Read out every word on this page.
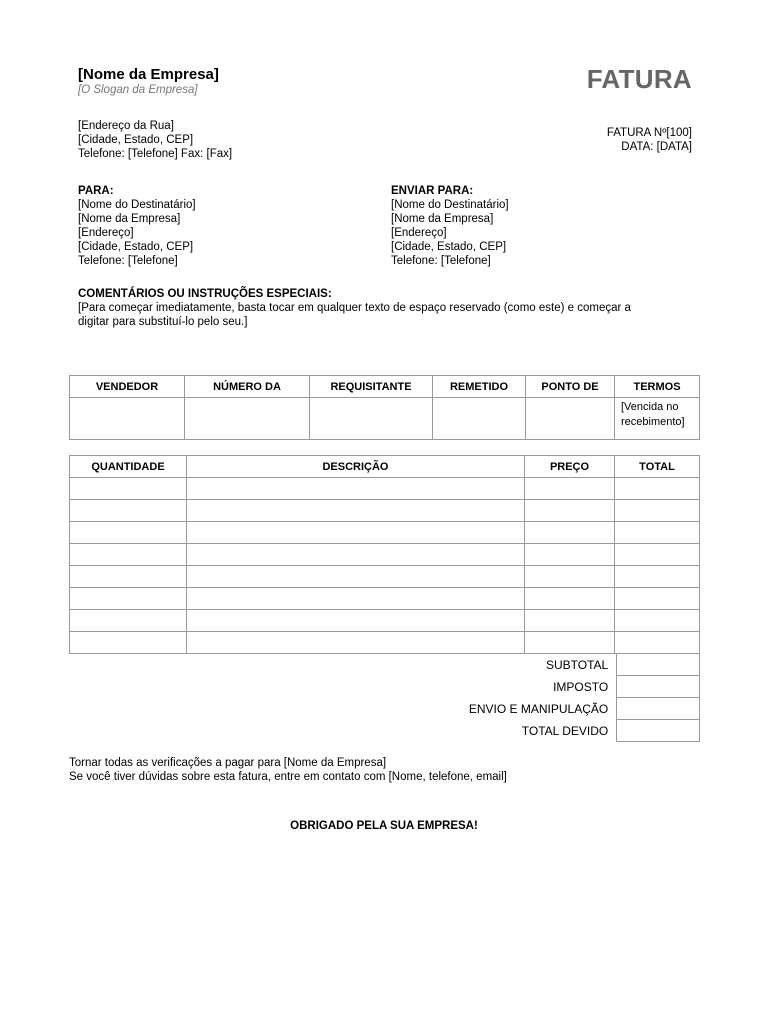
[Nome da Empresa]
[O Slogan da Empresa]	FATURA
[Endereço da Rua]
[Cidade, Estado, CEP]
Telefone: [Telefone] Fax: [Fax]
FATURA Nº[100]
DATA: [DATA]
PARA:
[Nome do Destinatário]
[Nome da Empresa]
[Endereço]
[Cidade, Estado, CEP]
Telefone: [Telefone]
ENVIAR PARA:
[Nome do Destinatário]
[Nome da Empresa]
[Endereço]
[Cidade, Estado, CEP]
Telefone: [Telefone]
COMENTÁRIOS OU INSTRUÇÕES ESPECIAIS:
[Para começar imediatamente, basta tocar em qualquer texto de espaço reservado (como este) e começar a
digitar para substituí-lo pelo seu.]
VENDEDOR	NÚMERO DA	REQUISITANTE	REMETIDO	PONTO DE	TERMOS

					[Vencida no
recebimento]
QUANTIDADE	DESCRIÇÃO	PREÇO	TOTAL

SUBTOTAL	
IMPOSTO	
ENVIO E MANIPULAÇÃO	
TOTAL DEVIDO	
Tornar todas as verificações a pagar para [Nome da Empresa]
Se você tiver dúvidas sobre esta fatura, entre em contato com [Nome, telefone, email]
OBRIGADO PELA SUA EMPRESA!
